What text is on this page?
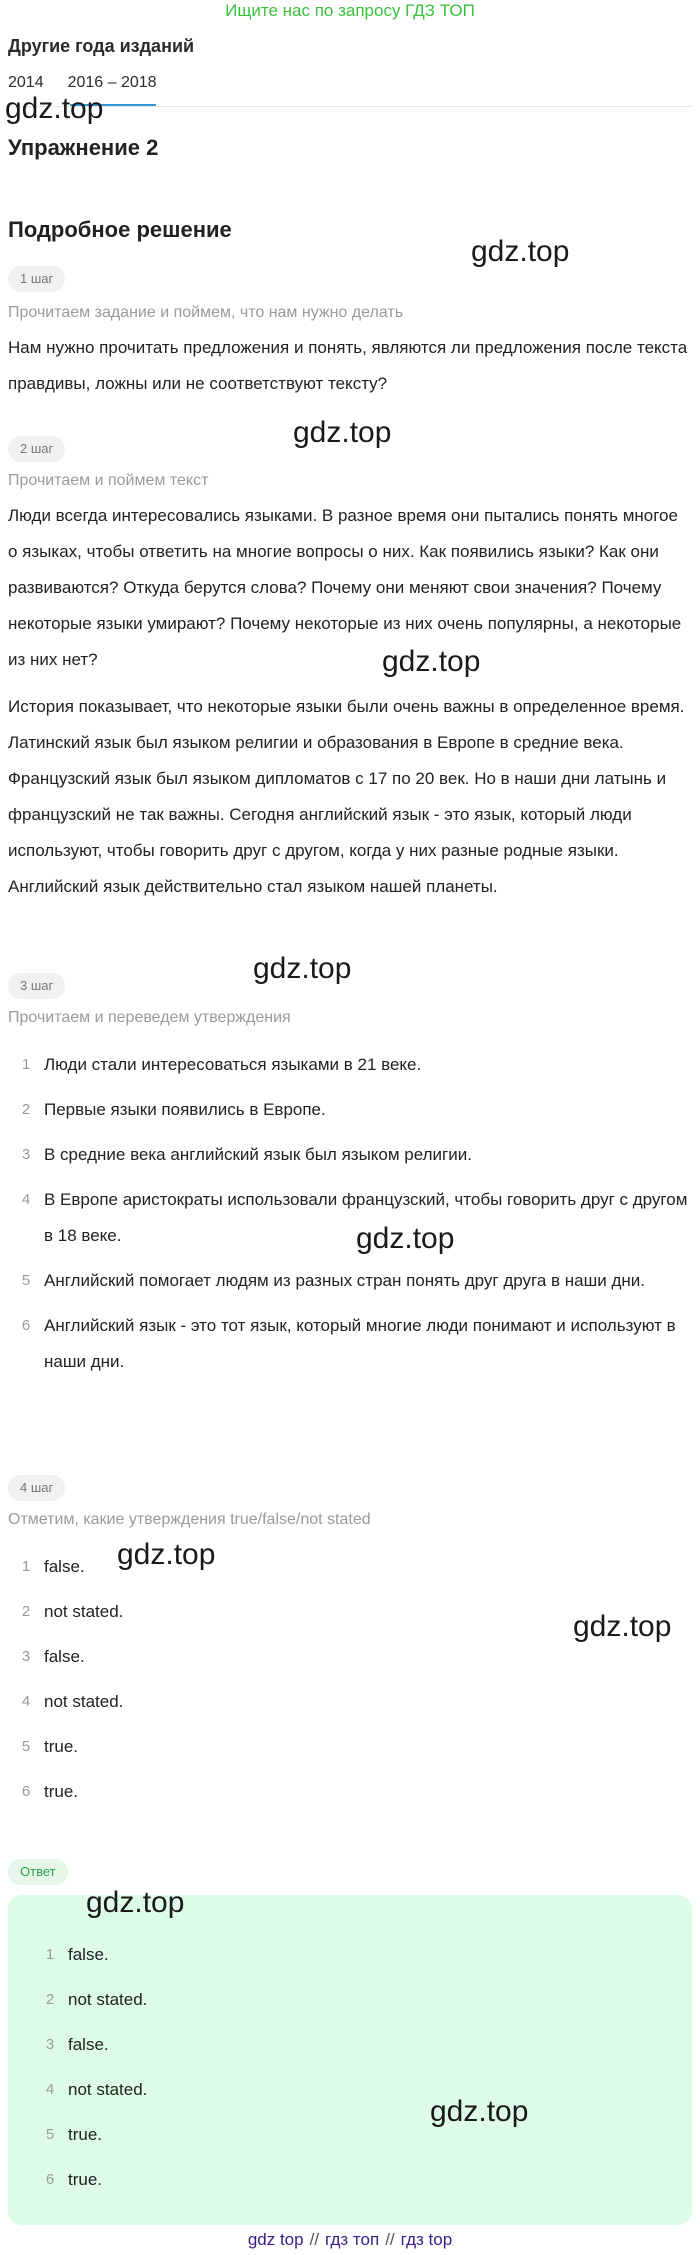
Ищите нас по запросу ГДЗ ТОП
Другие года изданий
2014 2016 – 2018
Упражнение 2
Подробное решение
1 шаг
Прочитаем задание и поймем, что нам нужно делать
Нам нужно прочитать предложения и понять, являются ли предложения после текста правдивы, ложны или не соответствуют тексту?
2 шаг
Прочитаем и поймем текст
Люди всегда интересовались языками. В разное время они пытались понять многое о языках, чтобы ответить на многие вопросы о них. Как появились языки? Как они развиваются? Откуда берутся слова? Почему они меняют свои значения? Почему некоторые языки умирают? Почему некоторые из них очень популярны, а некоторые из них нет?
История показывает, что некоторые языки были очень важны в определенное время. Латинский язык был языком религии и образования в Европе в средние века. Французский язык был языком дипломатов с 17 по 20 век. Но в наши дни латынь и французский не так важны. Сегодня английский язык - это язык, который люди используют, чтобы говорить друг с другом, когда у них разные родные языки. Английский язык действительно стал языком нашей планеты.
3 шаг
Прочитаем и переведем утверждения
1 Люди стали интересоваться языками в 21 веке.
2 Первые языки появились в Европе.
3 В средние века английский язык был языком религии.
4 В Европе аристократы использовали французский, чтобы говорить друг с другом в 18 веке.
5 Английский помогает людям из разных стран понять друг друга в наши дни.
6 Английский язык - это тот язык, который многие люди понимают и используют в наши дни.
4 шаг
Отметим, какие утверждения true/false/not stated
1 false.
2 not stated.
3 false.
4 not stated.
5 true.
6 true.
Ответ
1 false.
2 not stated.
3 false.
4 not stated.
5 true.
6 true.
gdz.top
gdz.top
gdz.top
gdz.top
gdz.top
gdz.top
gdz.top
gdz.top
gdz.top
gdz.top
gdz top // гдз топ // гдз top
